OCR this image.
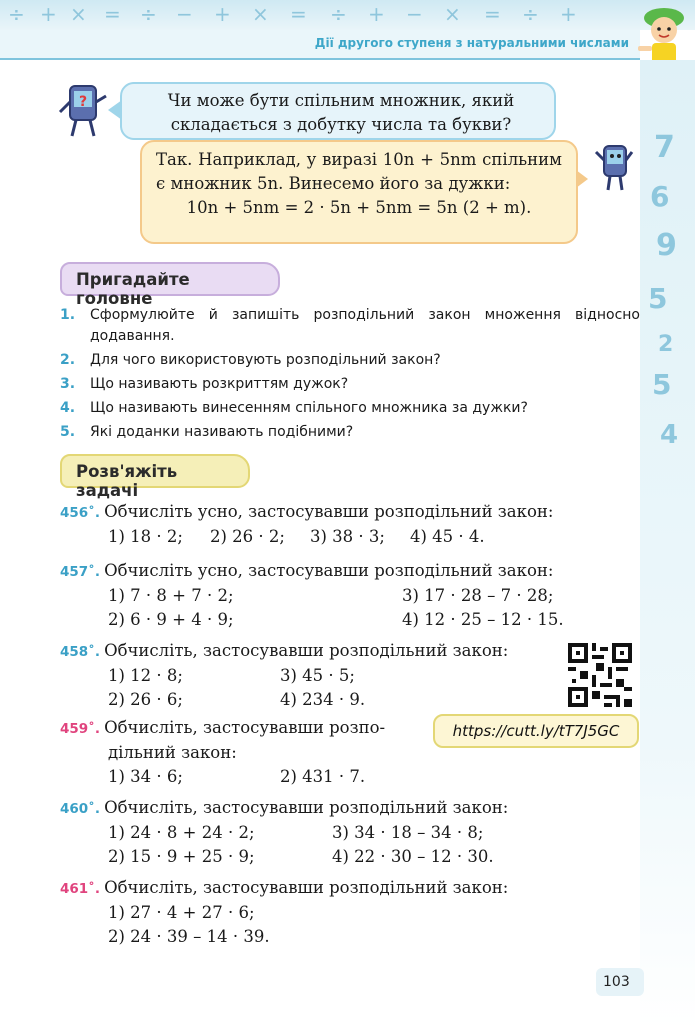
÷ + × = ÷ − + × = ÷ + − × = ÷ +
Дії другого ступеня з натуральними числами
7
6
9
5
2
5
4
?	Чи може бути спільним множник, який складається з добутку числа та букви?
Так. Наприклад, у виразі 10n + 5nm спільним є множник 5n. Винесемо його за дужки:
10n + 5nm = 2 · 5n + 5nm = 5n (2 + m).
Пригадайте головне
1. Сформулюйте й запишіть розподільний закон множення відносно додавання.
2. Для чого використовують розподільний закон?
3. Що називають розкриттям дужок?
4. Що називають винесенням спільного множника за дужки?
5. Які доданки називають подібними?
Розв'яжіть задачі
456˚. Обчисліть усно, застосувавши розподільний закон:
1) 18 · 2; 2) 26 · 2; 3) 38 · 3; 4) 45 · 4.
457˚. Обчисліть усно, застосувавши розподільний закон:
1) 7 · 8 + 7 · 2;	3) 17 · 28 – 7 · 28;
2) 6 · 9 + 4 · 9;	4) 12 · 25 – 12 · 15.
458˚. Обчисліть, застосувавши розподільний закон:
1) 12 · 8;	3) 45 · 5;
2) 26 · 6;	4) 234 · 9.
https://cutt.ly/tT7J5GC
459˚. Обчисліть, застосувавши розпо-
дільний закон:
1) 34 · 6;	2) 431 · 7.
460˚. Обчисліть, застосувавши розподільний закон:
1) 24 · 8 + 24 · 2;	3) 34 · 18 – 34 · 8;
2) 15 · 9 + 25 · 9;	4) 22 · 30 – 12 · 30.
461˚. Обчисліть, застосувавши розподільний закон:
1) 27 · 4 + 27 · 6;
2) 24 · 39 – 14 · 39.
103
